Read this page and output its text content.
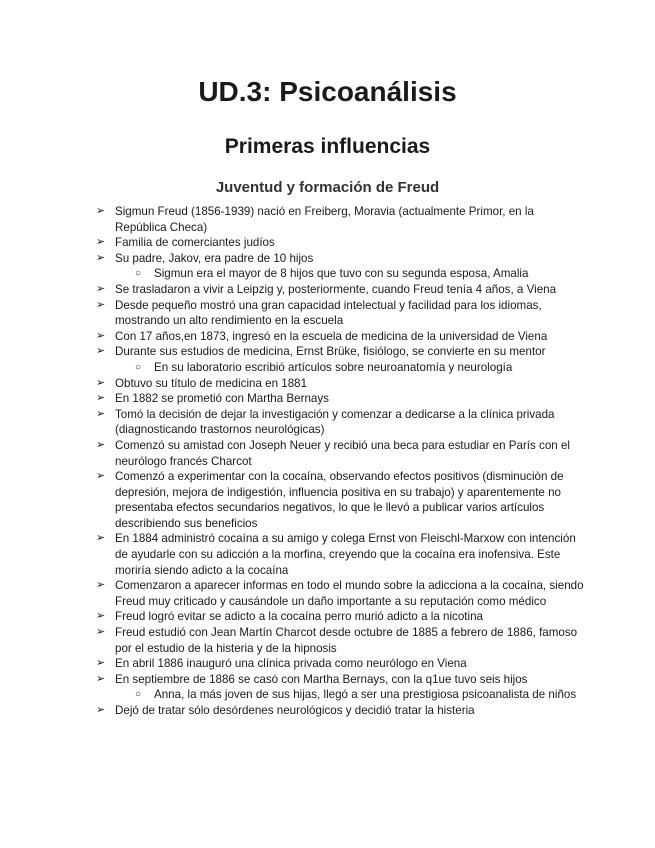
UD.3: Psicoanálisis
Primeras influencias
Juventud y formación de Freud
➢ Sigmun Freud (1856-1939) nació en Freiberg, Moravia (actualmente Primor, en la República Checa)
➢ Familia de comerciantes judíos
➢ Su padre, Jakov, era padre de 10 hijos
○ Sigmun era el mayor de 8 hijos que tuvo con su segunda esposa, Amalia
➢ Se trasladaron a vivir a Leipzig y, posteriormente, cuando Freud tenía 4 años, a Viena
➢ Desde pequeño mostró una gran capacidad intelectual y facilidad para los idiomas, mostrando un alto rendimiento en la escuela
➢ Con 17 años,en 1873, ingresó en la escuela de medicina de la universidad de Viena
➢ Durante sus estudios de medicina, Ernst Brüke, fisiólogo, se convierte en su mentor
○ En su laboratorio escribió artículos sobre neuroanatomía y neurología
➢ Obtuvo su título de medicina en 1881
➢ En 1882 se prometió con Martha Bernays
➢ Tomó la decisión de dejar la investigación y comenzar a dedicarse a la clínica privada (diagnosticando trastornos neurológicas)
➢ Comenzó su amistad con Joseph Neuer y recibió una beca para estudiar en París con el neurólogo francés Charcot
➢ Comenzó a experimentar con la cocaína, observando efectos positivos (disminuciòn de depresión, mejora de indigestión, influencia positiva en su trabajo) y aparentemente no presentaba efectos secundarios negativos, lo que le llevó a publicar varios artículos describiendo sus beneficios
➢ En 1884 administró cocaína a su amigo y colega Ernst von Fleischl-Marxow con intención de ayudarle con su adicción a la morfina, creyendo que la cocaína era inofensiva. Este moriría siendo adicto a la cocaína
➢ Comenzaron a aparecer informas en todo el mundo sobre la adicciona a la cocaína, siendo Freud muy criticado y causándole un daño importante a su reputación como médico
➢ Freud logró evitar se adicto a la cocaína perro murió adicto a la nicotina
➢ Freud estudió con Jean Martín Charcot desde octubre de 1885 a febrero de 1886, famoso por el estudio de la histeria y de la hipnosis
➢ En abril 1886 inauguró una clínica privada como neurólogo en Viena
➢ En septiembre de 1886 se casó con Martha Bernays, con la q1ue tuvo seis hijos
○ Anna, la más joven de sus hijas, llegó a ser una prestigiosa psicoanalista de niños
➢ Dejó de tratar sólo desórdenes neurológicos y decidió tratar la histeria
